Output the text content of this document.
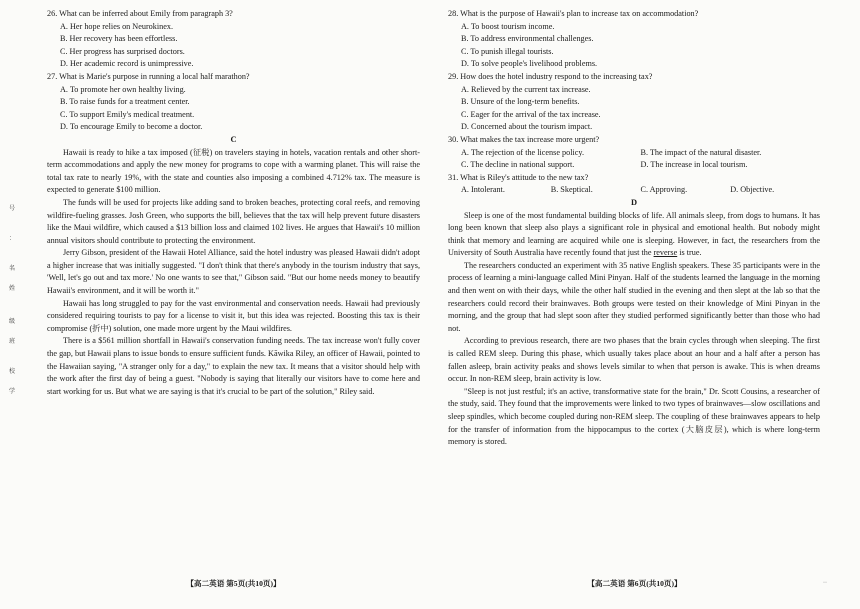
号
：
名
姓
级
班
校
学

26. What can be inferred about Emily from paragraph 3?

A. Her hope relies on Neurokinex.

B. Her recovery has been effortless.

C. Her progress has surprised doctors.

D. Her academic record is unimpressive.

27. What is Marie's purpose in running a local half marathon?

A. To promote her own healthy living.

B. To raise funds for a treatment center.

C. To support Emily's medical treatment.

D. To encourage Emily to become a doctor.

C

Hawaii is ready to hike a tax imposed (征税) on travelers staying in hotels, vacation rentals and other short-term accommodations and apply the new money for programs to cope with a warming planet. This will raise the total tax rate to nearly 19%, with the state and counties also imposing a combined 4.712% tax. The measure is expected to generate $100 million.

The funds will be used for projects like adding sand to broken beaches, protecting coral reefs, and removing wildfire-fueling grasses. Josh Green, who supports the bill, believes that the tax will help prevent future disasters like the Maui wildfire, which caused a $13 billion loss and claimed 102 lives. He argues that Hawaii's 10 million annual visitors should contribute to protecting the environment.

Jerry Gibson, president of the Hawaii Hotel Alliance, said the hotel industry was pleased Hawaii didn't adopt a higher increase that was initially suggested. "I don't think that there's anybody in the tourism industry that says, 'Well, let's go out and tax more.' No one wants to see that," Gibson said. "But our home needs money to beautify Hawaii's environment, and it will be worth it."

Hawaii has long struggled to pay for the vast environmental and conservation needs. Hawaii had previously considered requiring tourists to pay for a license to visit it, but this idea was rejected. Boosting this tax is their compromise (折中) solution, one made more urgent by the Maui wildfires.

There is a $561 million shortfall in Hawaii's conservation funding needs. The tax increase won't fully cover the gap, but Hawaii plans to issue bonds to ensure sufficient funds. Kāwika Riley, an officer of Hawaii, pointed to the Hawaiian saying, "A stranger only for a day," to explain the new tax. It means that a visitor should help with the work after the first day of being a guest. "Nobody is saying that literally our visitors have to come here and start working for us. But what we are saying is that it's crucial to be part of the solution," Riley said.

28. What is the purpose of Hawaii's plan to increase tax on accommodation?

A. To boost tourism income.

B. To address environmental challenges.

C. To punish illegal tourists.

D. To solve people's livelihood problems.

29. How does the hotel industry respond to the increasing tax?

A. Relieved by the current tax increase.

B. Unsure of the long-term benefits.

C. Eager for the arrival of the tax increase.

D. Concerned about the tourism impact.

30. What makes the tax increase more urgent?

A. The rejection of the license policy.	B. The impact of the natural disaster.
C. The decline in national support.	D. The increase in local tourism.

31. What is Riley's attitude to the new tax?

A. Intolerant.	B. Skeptical.	C. Approving.	D. Objective.

D

Sleep is one of the most fundamental building blocks of life. All animals sleep, from dogs to humans. It has long been known that sleep also plays a significant role in physical and emotional health. But nobody might think that memory and learning are acquired while one is sleeping. However, in fact, the researchers from the University of South Australia have recently found that just the reverse is true.

The researchers conducted an experiment with 35 native English speakers. These 35 participants were in the process of learning a mini-language called Mini Pinyan. Half of the students learned the language in the morning and then went on with their days, while the other half studied in the evening and then slept at the lab so that the researchers could record their brainwaves. Both groups were tested on their knowledge of Mini Pinyan in the morning, and the group that had slept soon after they studied performed significantly better than those who had not.

According to previous research, there are two phases that the brain cycles through when sleeping. The first is called REM sleep. During this phase, which usually takes place about an hour and a half after a person has fallen asleep, brain activity peaks and shows levels similar to when that person is awake. This is when dreams occur. In non-REM sleep, brain activity is low.

"Sleep is not just restful; it's an active, transformative state for the brain," Dr. Scott Cousins, a researcher of the study, said. They found that the improvements were linked to two types of brainwaves—slow oscillations and sleep spindles, which become coupled during non-REM sleep. The coupling of these brainwaves appears to help for the transfer of information from the hippocampus to the cortex (大脑皮层), which is where long-term memory is stored.

【高二英语 第5页(共10页)】	【高二英语 第6页(共10页)】	··
